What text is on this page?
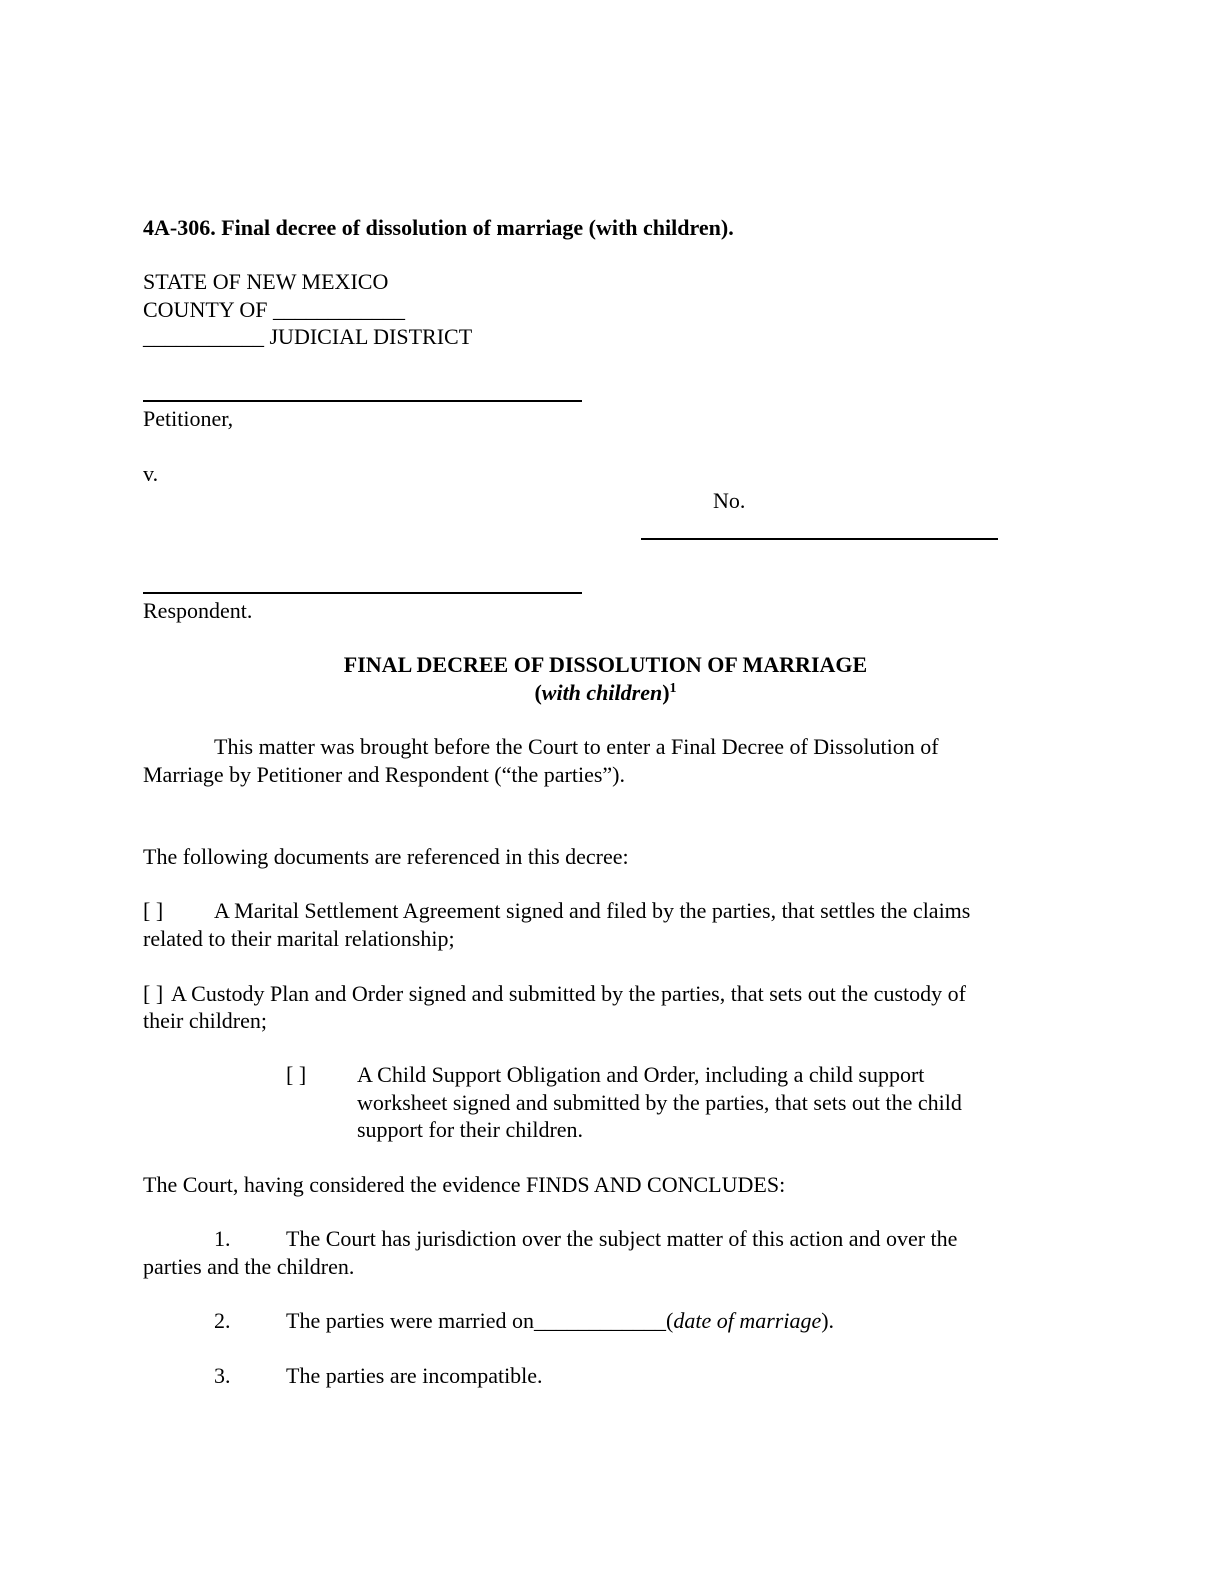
4A-306. Final decree of dissolution of marriage (with children).
STATE OF NEW MEXICO
COUNTY OF ____________
___________ JUDICIAL DISTRICT
Petitioner,
v.
No.
Respondent.
FINAL DECREE OF DISSOLUTION OF MARRIAGE
(with children)$^1$
This matter was brought before the Court to enter a Final Decree of Dissolution of
Marriage by Petitioner and Respondent (“the parties”).
The following documents are referenced in this decree:
[ ] A Marital Settlement Agreement signed and filed by the parties, that settles the claims
related to their marital relationship;
[ ] A Custody Plan and Order signed and submitted by the parties, that sets out the custody of
their children;
[ ] A Child Support Obligation and Order, including a child support
worksheet signed and submitted by the parties, that sets out the child
support for their children.
The Court, having considered the evidence FINDS AND CONCLUDES:
1.	The Court has jurisdiction over the subject matter of this action and over the
parties and the children.
2.	The parties were married on____________(date of marriage).
3.	The parties are incompatible.
